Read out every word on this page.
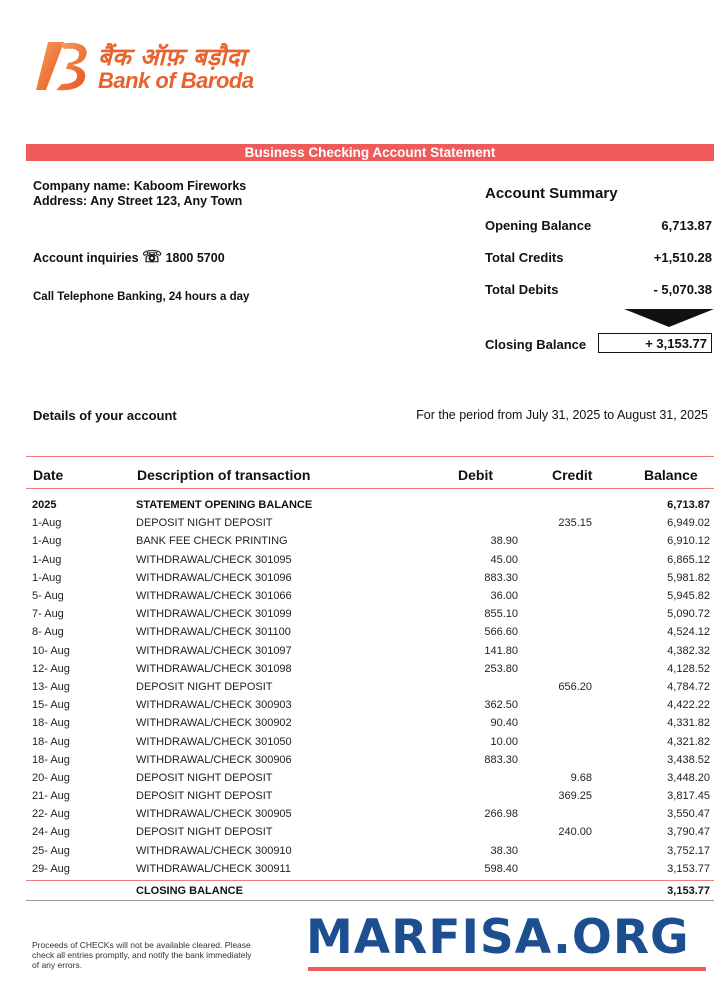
बैंक ऑफ़ बड़ौदा
Bank of Baroda
Business Checking Account Statement
Company name: Kaboom Fireworks
Address: Any Street 123, Any Town
Account inquiries ☏ 1800 5700
Call Telephone Banking, 24 hours a day
Account Summary
Opening Balance	6,713.87
Total Credits	+1,510.28
Total Debits	- 5,070.38
Closing Balance	+ 3,153.77
Details of your account	For the period from July 31, 2025 to August 31, 2025
Date	Description of transaction	Debit	Credit	Balance
2025	STATEMENT OPENING BALANCE			6,713.87
1-Aug	DEPOSIT NIGHT DEPOSIT		235.15	6,949.02
1-Aug	BANK FEE CHECK PRINTING	38.90		6,910.12
1-Aug	WITHDRAWAL/CHECK 301095	45.00		6,865.12
1-Aug	WITHDRAWAL/CHECK 301096	883.30		5,981.82
5- Aug	WITHDRAWAL/CHECK 301066	36.00		5,945.82
7- Aug	WITHDRAWAL/CHECK 301099	855.10		5,090.72
8- Aug	WITHDRAWAL/CHECK 301100	566.60		4,524.12
10- Aug	WITHDRAWAL/CHECK 301097	141.80		4,382.32
12- Aug	WITHDRAWAL/CHECK 301098	253.80		4,128.52
13- Aug	DEPOSIT NIGHT DEPOSIT		656.20	4,784.72
15- Aug	WITHDRAWAL/CHECK 300903	362.50		4,422.22
18- Aug	WITHDRAWAL/CHECK 300902	90.40		4,331.82
18- Aug	WITHDRAWAL/CHECK 301050	10.00		4,321.82
18- Aug	WITHDRAWAL/CHECK 300906	883.30		3,438.52
20- Aug	DEPOSIT NIGHT DEPOSIT		9.68	3,448.20
21- Aug	DEPOSIT NIGHT DEPOSIT		369.25	3,817.45
22- Aug	WITHDRAWAL/CHECK 300905	266.98		3,550.47
24- Aug	DEPOSIT NIGHT DEPOSIT		240.00	3,790.47
25- Aug	WITHDRAWAL/CHECK 300910	38.30		3,752.17
29- Aug	WITHDRAWAL/CHECK 300911	598.40		3,153.77
	CLOSING BALANCE			3,153.77
Proceeds of CHECKs will not be available cleared. Please check all entries promptly, and notify the bank immediately of any errors.	MARFISA.ORG
